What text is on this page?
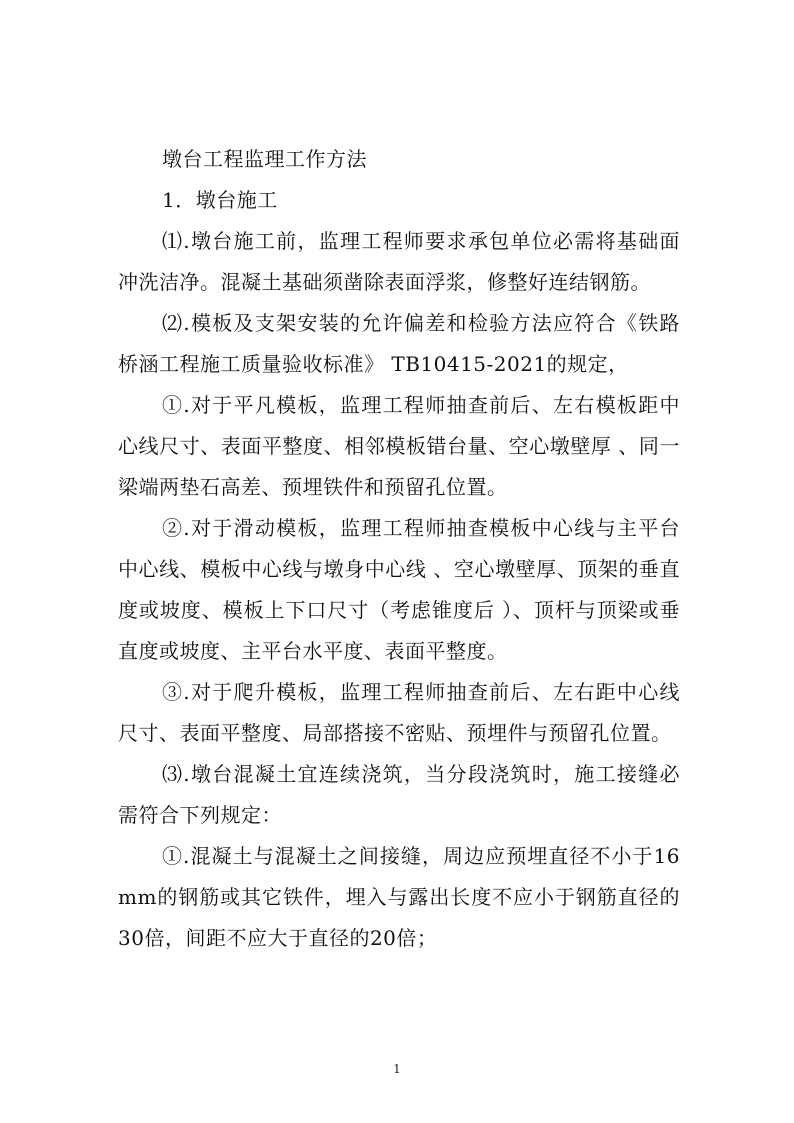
墩台工程监理工作方法

1．墩台施工

⑴.墩台施工前，监理工程师要求承包单位必需将基础面冲洗洁净。混凝土基础须凿除表面浮浆，修整好连结钢筋。

⑵.模板及支架安装的允许偏差和检验方法应符合《铁路桥涵工程施工质量验收标准》 TB10415-2021的规定，

①.对于平凡模板，监理工程师抽查前后、左右模板距中心线尺寸、表面平整度、相邻模板错台量、空心墩壁厚 、同一梁端两垫石高差、预埋铁件和预留孔位置。

②.对于滑动模板，监理工程师抽查模板中心线与主平台中心线、模板中心线与墩身中心线 、空心墩壁厚、顶架的垂直度或坡度、模板上下口尺寸（考虑锥度后 ）、顶杆与顶梁或垂直度或坡度、主平台水平度、表面平整度。

③.对于爬升模板，监理工程师抽查前后、左右距中心线尺寸、表面平整度、局部搭接不密贴、预埋件与预留孔位置。

⑶.墩台混凝土宜连续浇筑，当分段浇筑时，施工接缝必需符合下列规定：

①.混凝土与混凝土之间接缝，周边应预埋直径不小于16mm的钢筋或其它铁件，埋入与露出长度不应小于钢筋直径的30倍，间距不应大于直径的20倍；

1
